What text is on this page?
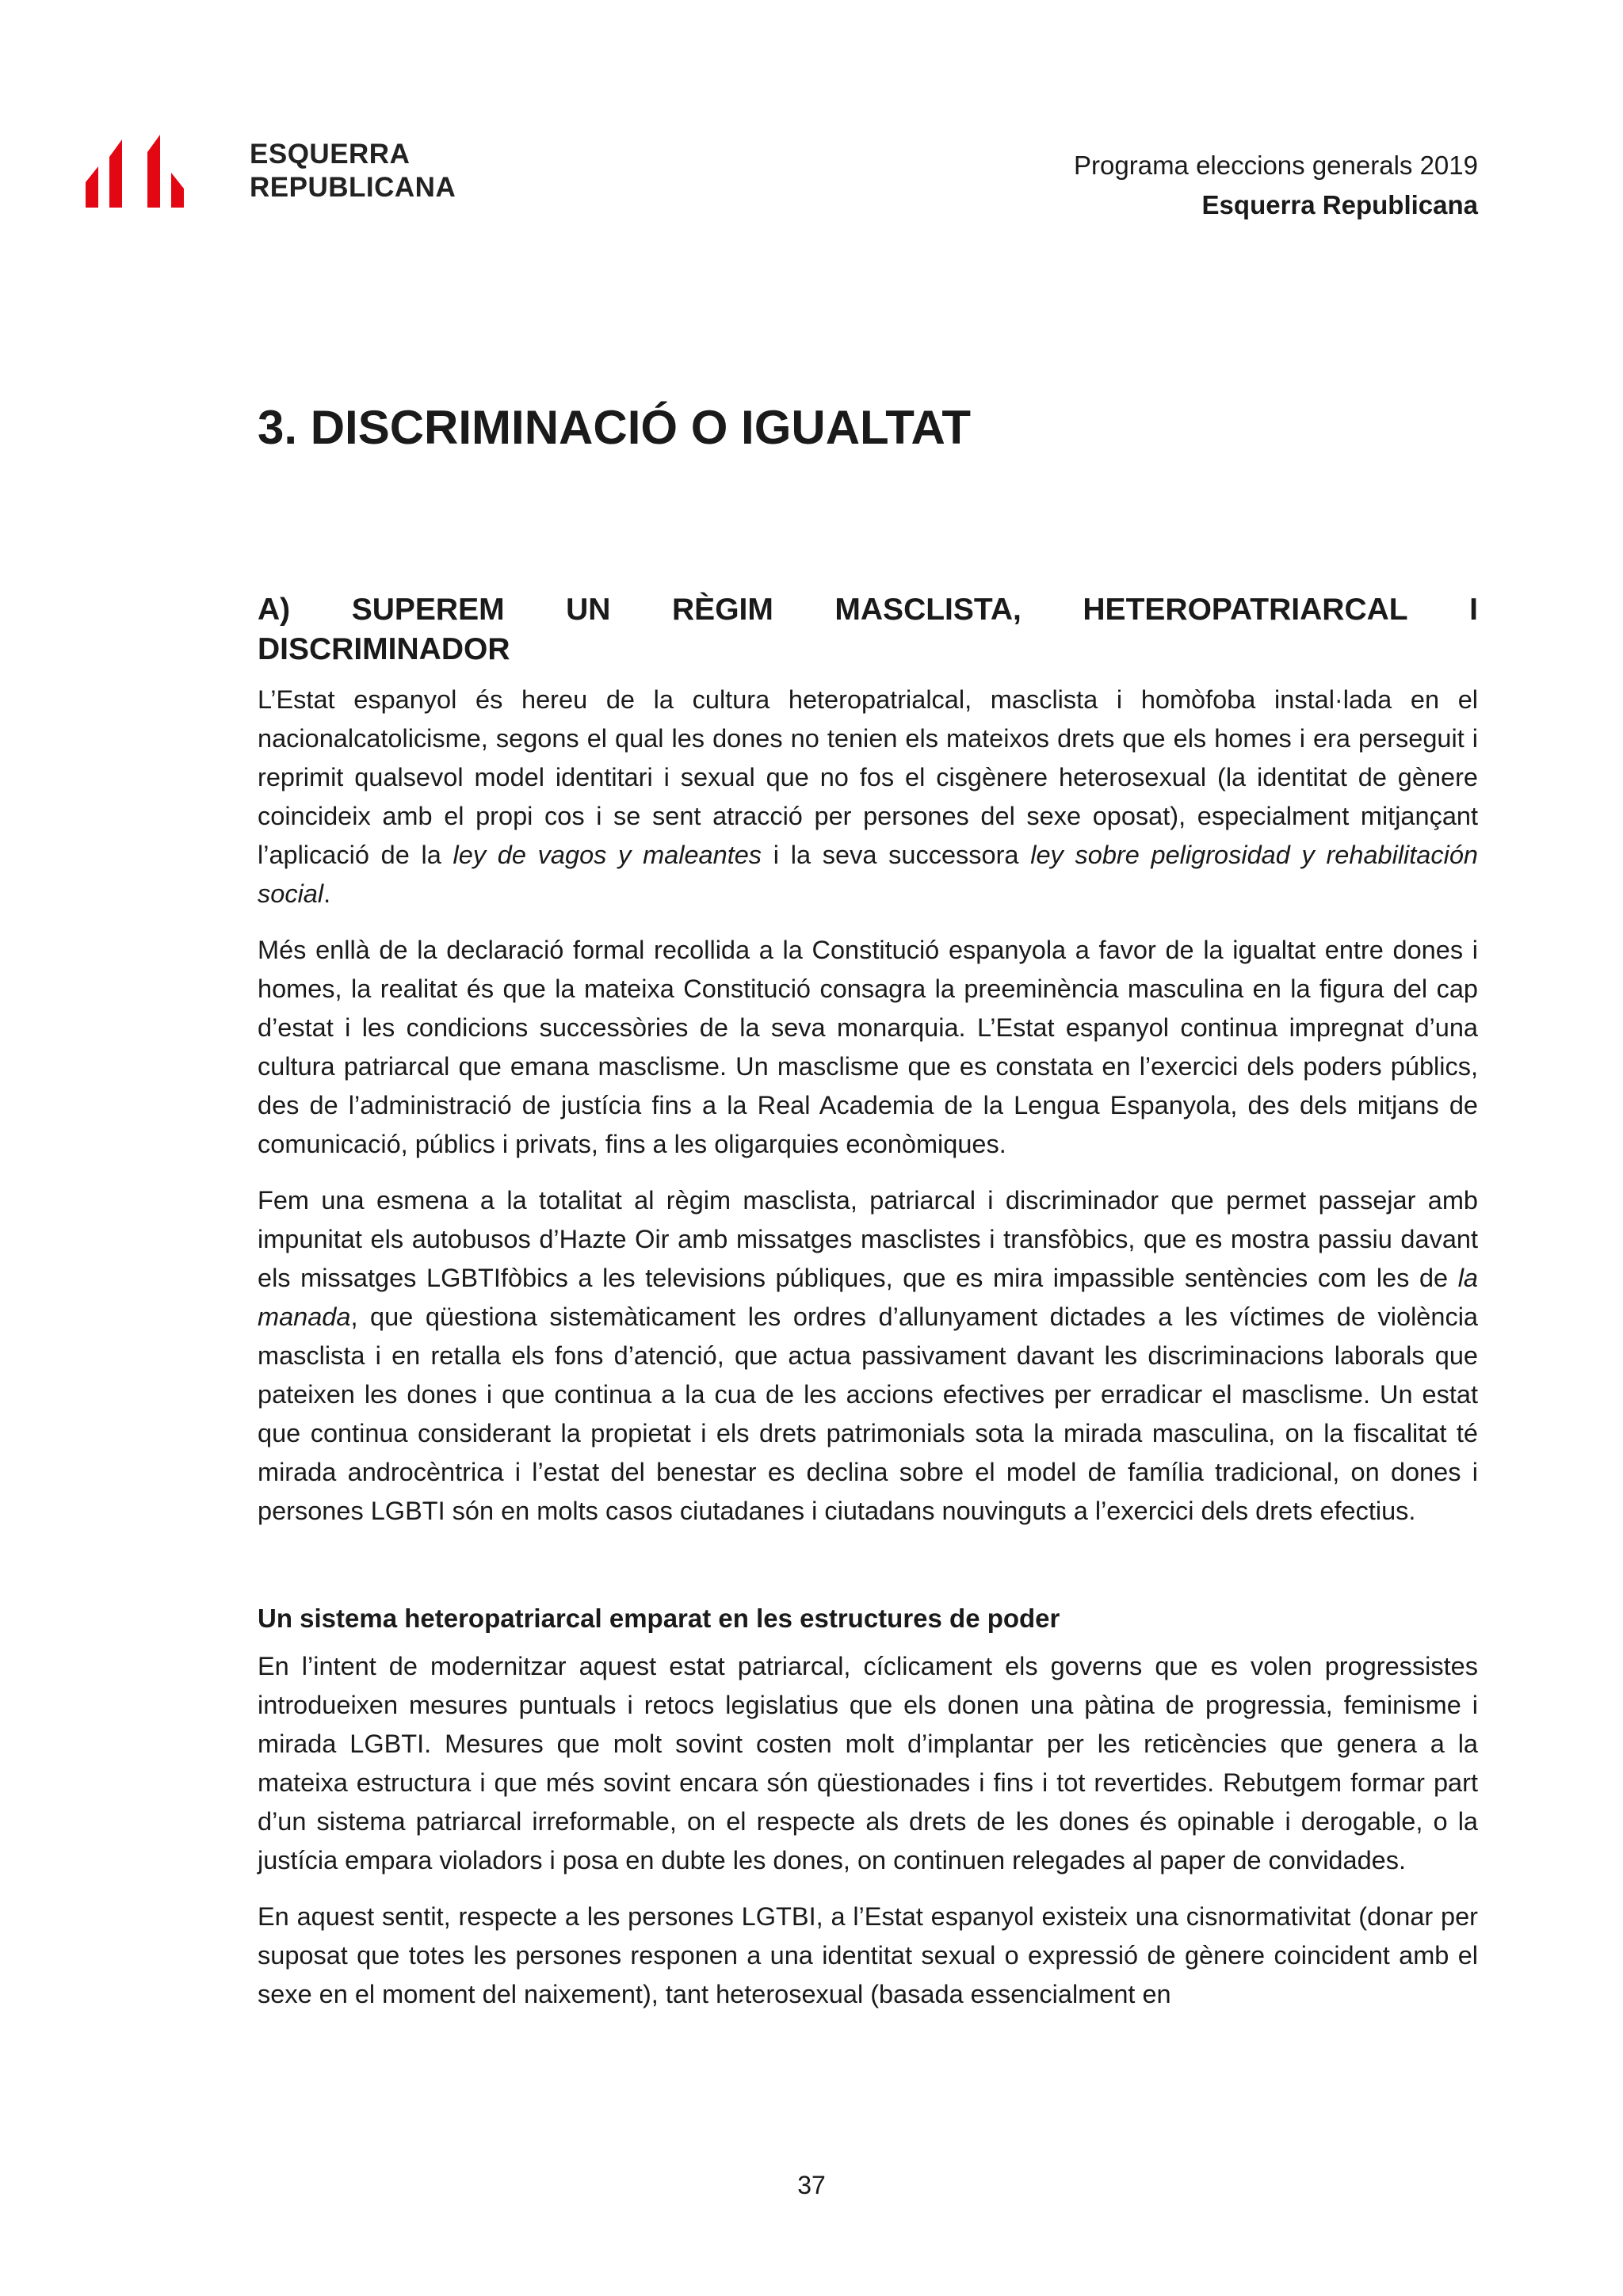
ESQUERRA
REPUBLICANA
Programa eleccions generals 2019
Esquerra Republicana
3. DISCRIMINACIÓ O IGUALTAT
A) SUPEREM UN RÈGIM MASCLISTA, HETEROPATRIARCAL I
DISCRIMINADOR

L’Estat espanyol és hereu de la cultura heteropatrialcal, masclista i homòfoba instal·lada en el nacionalcatolicisme, segons el qual les dones no tenien els mateixos drets que els homes i era perseguit i reprimit qualsevol model identitari i sexual que no fos el cisgènere heterosexual (la identitat de gènere coincideix amb el propi cos i se sent atracció per persones del sexe oposat), especialment mitjançant l’aplicació de la ley de vagos y maleantes i la seva successora ley sobre peligrosidad y rehabilitación social.

Més enllà de la declaració formal recollida a la Constitució espanyola a favor de la igualtat entre dones i homes, la realitat és que la mateixa Constitució consagra la preeminència masculina en la figura del cap d’estat i les condicions successòries de la seva monarquia. L’Estat espanyol continua impregnat d’una cultura patriarcal que emana masclisme. Un masclisme que es constata en l’exercici dels poders públics, des de l’administració de justícia fins a la Real Academia de la Lengua Espanyola, des dels mitjans de comunicació, públics i privats, fins a les oligarquies econòmiques.

Fem una esmena a la totalitat al règim masclista, patriarcal i discriminador que permet passejar amb impunitat els autobusos d’Hazte Oir amb missatges masclistes i transfòbics, que es mostra passiu davant els missatges LGBTIfòbics a les televisions públiques, que es mira impassible sentències com les de la manada, que qüestiona sistemàticament les ordres d’allunyament dictades a les víctimes de violència masclista i en retalla els fons d’atenció, que actua passivament davant les discriminacions laborals que pateixen les dones i que continua a la cua de les accions efectives per erradicar el masclisme. Un estat que continua considerant la propietat i els drets patrimonials sota la mirada masculina, on la fiscalitat té mirada androcèntrica i l’estat del benestar es declina sobre el model de família tradicional, on dones i persones LGBTI són en molts casos ciutadanes i ciutadans nouvinguts a l’exercici dels drets efectius.

Un sistema heteropatriarcal emparat en les estructures de poder

En l’intent de modernitzar aquest estat patriarcal, cíclicament els governs que es volen progressistes introdueixen mesures puntuals i retocs legislatius que els donen una pàtina de progressia, feminisme i mirada LGBTI. Mesures que molt sovint costen molt d’implantar per les reticències que genera a la mateixa estructura i que més sovint encara són qüestionades i fins i tot revertides. Rebutgem formar part d’un sistema patriarcal irreformable, on el respecte als drets de les dones és opinable i derogable, o la justícia empara violadors i posa en dubte les dones, on continuen relegades al paper de convidades.

En aquest sentit, respecte a les persones LGTBI, a l’Estat espanyol existeix una cisnormativitat (donar per suposat que totes les persones responen a una identitat sexual o expressió de gènere coincident amb el sexe en el moment del naixement), tant heterosexual (basada essencialment en

37
